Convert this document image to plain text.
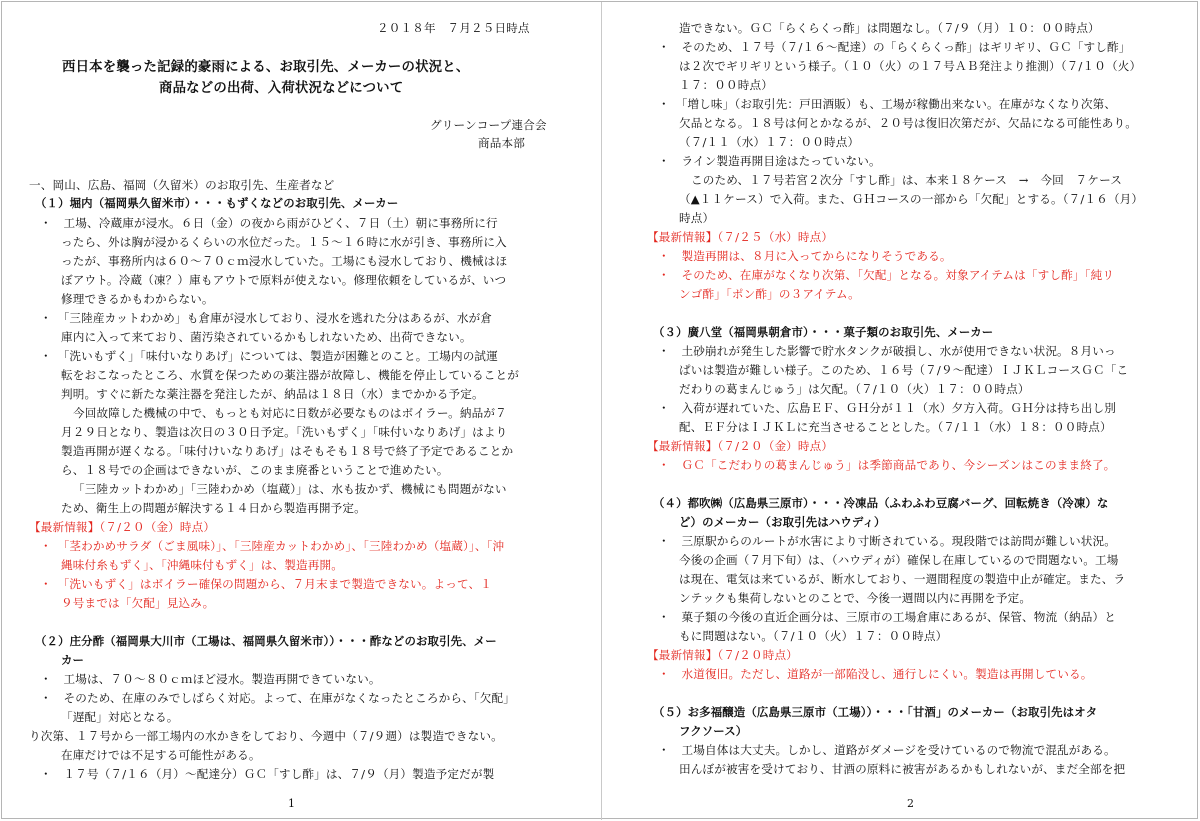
２０１８年　７月２５日時点
西日本を襲った記録的豪雨による、お取引先、メーカーの状況と、
商品などの出荷、入荷状況などについて
グリーンコープ連合会
商品本部
一、岡山、広島、福岡（久留米）のお取引先、生産者など
（１）堀内（福岡県久留米市）・・・もずくなどのお取引先、メーカー
・　工場、冷蔵庫が浸水。６日（金）の夜から雨がひどく、７日（土）朝に事務所に行
ったら、外は胸が浸かるくらいの水位だった。１５～１６時に水が引き、事務所に入
ったが、事務所内は６０～７０ｃｍ浸水していた。工場にも浸水しており、機械はほ
ぼアウト。冷蔵（凍？）庫もアウトで原料が使えない。修理依頼をしているが、いつ
修理できるかもわからない。
・　「三陸産カットわかめ」も倉庫が浸水しており、浸水を逃れた分はあるが、水が倉
庫内に入って来ており、菌汚染されているかもしれないため、出荷できない。
・　「洗いもずく」「味付いなりあげ」については、製造が困難とのこと。工場内の試運
転をおこなったところ、水質を保つための薬注器が故障し、機能を停止していることが
判明。すぐに新たな薬注器を発注したが、納品は１８日（水）までかかる予定。
今回故障した機械の中で、もっとも対応に日数が必要なものはボイラー。納品が７
月２９日となり、製造は次日の３０日予定。「洗いもずく」「味付いなりあげ」はより
製造再開が遅くなる。「味付けいなりあげ」はそもそも１８号で終了予定であることか
ら、１８号での企画はできないが、このまま廃番ということで進めたい。
「三陸カットわかめ」「三陸わかめ（塩蔵）」は、水も抜かず、機械にも問題がない
ため、衛生上の問題が解決する１４日から製造再開予定。
【最新情報】（７/２０（金）時点）
・　「茎わかめサラダ（ごま風味）」、「三陸産カットわかめ」、「三陸わかめ（塩蔵）」、「沖
縄味付糸もずく」、「沖縄味付もずく」は、製造再開。
・　「洗いもずく」はボイラー確保の問題から、７月末まで製造できない。よって、１
９号までは「欠配」見込み。
（２）庄分酢（福岡県大川市（工場は、福岡県久留米市））・・・酢などのお取引先、メー
カー
・　工場は、７０～８０ｃｍほど浸水。製造再開できていない。
・　そのため、在庫のみでしばらく対応。よって、在庫がなくなったところから、「欠配」
「遅配」対応となる。
り次第、１７号から一部工場内の水かきをしており、今週中（７/９週）は製造できない。
在庫だけでは不足する可能性がある。
・　１７号（７/１６（月）～配達分）ＧＣ「すし酢」は、７/９（月）製造予定だが製
1
造できない。ＧＣ「らくらくっ酢」は問題なし。（７/９（月）１０：００時点）
・　そのため、１７号（７/１６～配達）の「らくらくっ酢」はギリギリ、ＧＣ「すし酢」
は２次でギリギリという様子。（１０（火）の１７号ＡＢ発注より推測）（７/１０（火）
１７：００時点）
・　「増し味」（お取引先：戸田酒販）も、工場が稼働出来ない。在庫がなくなり次第、
欠品となる。１８号は何とかなるが、２０号は復旧次第だが、欠品になる可能性あり。
（７/１１（水）１７：００時点）
・　ライン製造再開目途はたっていない。
このため、１７号若宮２次分「すし酢」は、本来１８ケース　→　今回　７ケース
（▲１１ケース）で入荷。また、ＧＨコースの一部から「欠配」とする。（７/１６（月）
時点）
【最新情報】（７/２５（水）時点）
・　製造再開は、８月に入ってからになりそうである。
・　そのため、在庫がなくなり次第、「欠配」となる。対象アイテムは「すし酢」「純リ
ンゴ酢」「ポン酢」の３アイテム。
（３）廣八堂（福岡県朝倉市）・・・菓子類のお取引先、メーカー
・　土砂崩れが発生した影響で貯水タンクが破損し、水が使用できない状況。８月いっ
ぱいは製造が難しい様子。このため、１６号（７/９～配達）ＩＪＫＬコースＧＣ「こ
だわりの葛まんじゅう」は欠配。（７/１０（火）１７：００時点）
・　入荷が遅れていた、広島ＥＦ、ＧＨ分が１１（水）夕方入荷。ＧＨ分は持ち出し別
配、ＥＦ分はＩＪＫＬに充当させることとした。（７/１１（水）１８：００時点）
【最新情報】（７/２０（金）時点）
・　ＧＣ「こだわりの葛まんじゅう」は季節商品であり、今シーズンはこのまま終了。
（４）都吹㈱（広島県三原市）・・・冷凍品（ふわふわ豆腐バーグ、回転焼き（冷凍）な
ど）のメーカー（お取引先はハウディ）
・　三原駅からのルートが水害により寸断されている。現段階では訪問が難しい状況。
今後の企画（７月下旬）は、（ハウディが）確保し在庫しているので問題ない。工場
は現在、電気は来ているが、断水しており、一週間程度の製造中止が確定。また、ラ
ンテックも集荷しないとのことで、今後一週間以内に再開を予定。
・　菓子類の今後の直近企画分は、三原市の工場倉庫にあるが、保管、物流（納品）と
もに問題はない。（７/１０（火）１７：００時点）
【最新情報】（７/２０時点）
・　水道復旧。ただし、道路が一部陥没し、通行しにくい。製造は再開している。
（５）お多福醸造（広島県三原市（工場））・・・「甘酒」のメーカー（お取引先はオタ
フクソース）
・　工場自体は大丈夫。しかし、道路がダメージを受けているので物流で混乱がある。
田んぼが被害を受けており、甘酒の原料に被害があるかもしれないが、まだ全部を把
2
